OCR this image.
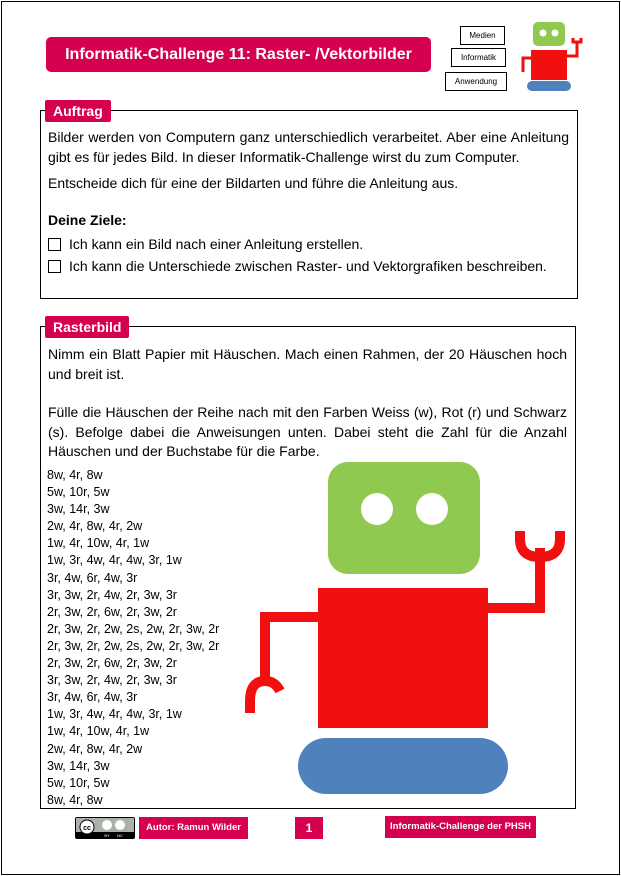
Informatik-Challenge 11: Raster- /Vektorbilder
Medien
Informatik
Anwendung

Bilder werden von Computern ganz unterschiedlich verarbeitet. Aber eine Anleitung gibt es für jedes Bild. In dieser Informatik-Challenge wirst du zum Computer.

Entscheide dich für eine der Bildarten und führe die Anleitung aus.

Deine Ziele:

Ich kann ein Bild nach einer Anleitung erstellen.
Ich kann die Unterschiede zwischen Raster- und Vektorgrafiken beschreiben.
Auftrag

Nimm ein Blatt Papier mit Häuschen. Mach einen Rahmen, der 20 Häuschen hoch und breit ist.

Fülle die Häuschen der Reihe nach mit den Farben Weiss (w), Rot (r) und Schwarz (s). Befolge dabei die Anweisungen unten. Dabei steht die Zahl für die Anzahl Häuschen und der Buchstabe für die Farbe.

Rasterbild
8w, 4r, 8w
5w, 10r, 5w
3w, 14r, 3w
2w, 4r, 8w, 4r, 2w
1w, 4r, 10w, 4r, 1w
1w, 3r, 4w, 4r, 4w, 3r, 1w
3r, 4w, 6r, 4w, 3r
3r, 3w, 2r, 4w, 2r, 3w, 3r
2r, 3w, 2r, 6w, 2r, 3w, 2r
2r, 3w, 2r, 2w, 2s, 2w, 2r, 3w, 2r
2r, 3w, 2r, 2w, 2s, 2w, 2r, 3w, 2r
2r, 3w, 2r, 6w, 2r, 3w, 2r
3r, 3w, 2r, 4w, 2r, 3w, 3r
3r, 4w, 6r, 4w, 3r
1w, 3r, 4w, 4r, 4w, 3r, 1w
1w, 4r, 10w, 4r, 1w
2w, 4r, 8w, 4r, 2w
3w, 14r, 3w
5w, 10r, 5w
8w, 4r, 8w
cc
BY NC
Autor: Ramun Wilder	1	Informatik-Challenge der PHSH
